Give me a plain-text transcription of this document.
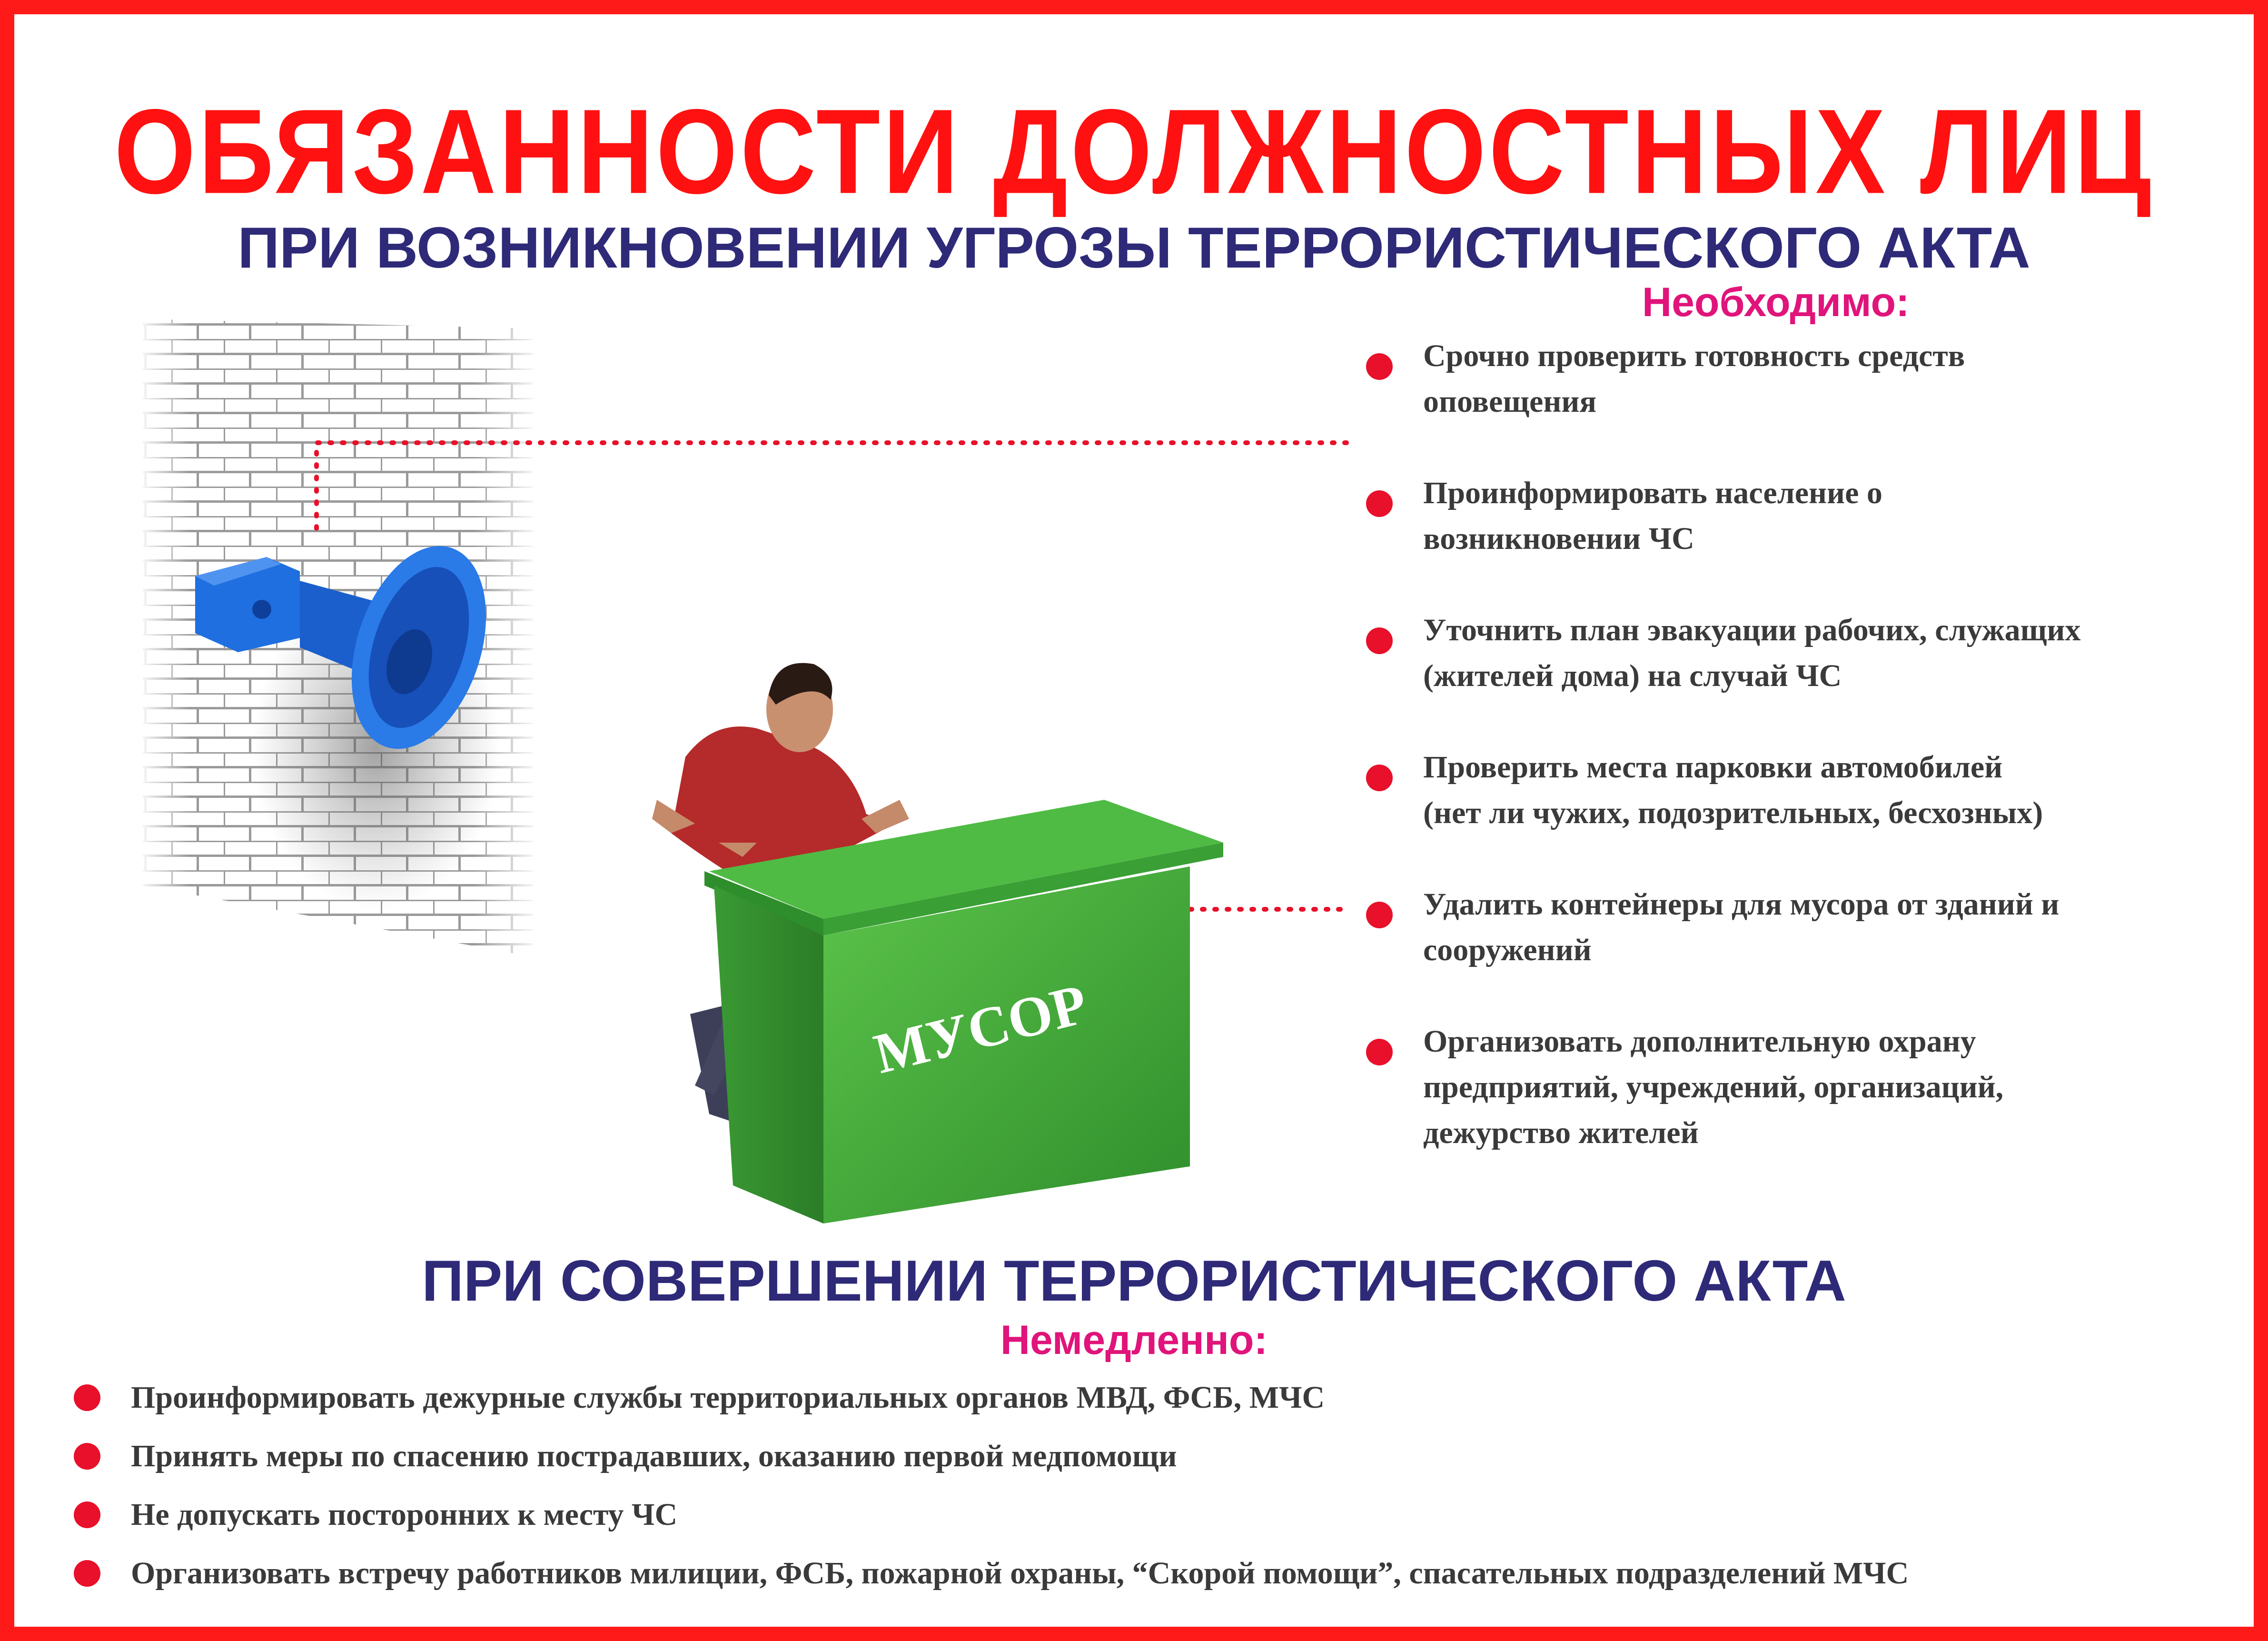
МУСОР
ОБЯЗАННОСТИ ДОЛЖНОСТНЫХ ЛИЦ
ПРИ ВОЗНИКНОВЕНИИ УГРОЗЫ ТЕРРОРИСТИЧЕСКОГО АКТА
Необходимо:
Срочно проверить готовность средств
оповещения
Проинформировать население о
возникновении ЧС
Уточнить план эвакуации рабочих, служащих
(жителей дома) на случай ЧС
Проверить места парковки автомобилей
(нет ли чужих, подозрительных, бесхозных)
Удалить контейнеры для мусора от зданий и
сооружений
Организовать дополнительную охрану
предприятий, учреждений, организаций,
дежурство жителей
ПРИ СОВЕРШЕНИИ ТЕРРОРИСТИЧЕСКОГО АКТА
Немедленно:
Проинформировать дежурные службы территориальных органов МВД, ФСБ, МЧС
Принять меры по спасению пострадавших, оказанию первой медпомощи
Не допускать посторонних к месту ЧС
Организовать встречу работников милиции, ФСБ, пожарной охраны, “Скорой помощи”, спасательных подразделений МЧС
